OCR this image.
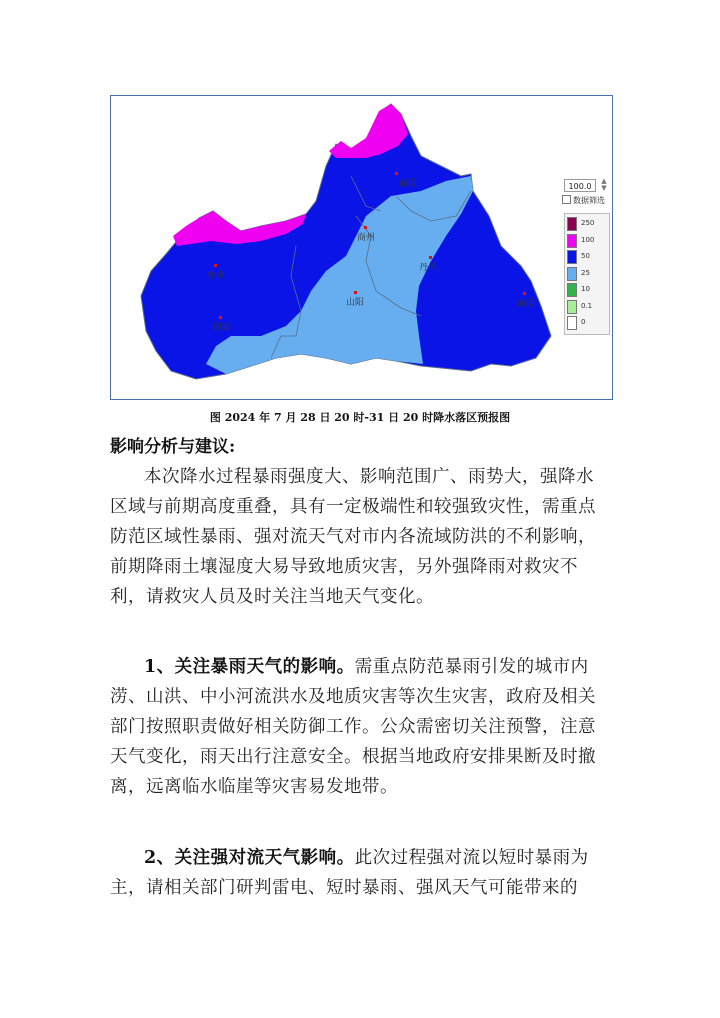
商南
商州
丹凤
作水
山阳
镇安
商南
100.0
▲
▼
数据筛选
250
100
50
25
10
0.1
0
图 2024 年 7 月 28 日 20 时-31 日 20 时降水落区预报图
影响分析与建议:

本次降水过程暴雨强度大、影响范围广、雨势大，强降水区域与前期高度重叠，具有一定极端性和较强致灾性，需重点防范区域性暴雨、强对流天气对市内各流域防洪的不利影响，前期降雨土壤湿度大易导致地质灾害，另外强降雨对救灾不利，请救灾人员及时关注当地天气变化。

1、关注暴雨天气的影响。需重点防范暴雨引发的城市内涝、山洪、中小河流洪水及地质灾害等次生灾害，政府及相关部门按照职责做好相关防御工作。公众需密切关注预警，注意天气变化，雨天出行注意安全。根据当地政府安排果断及时撤离，远离临水临崖等灾害易发地带。

2、关注强对流天气影响。此次过程强对流以短时暴雨为主，请相关部门研判雷电、短时暴雨、强风天气可能带来的
